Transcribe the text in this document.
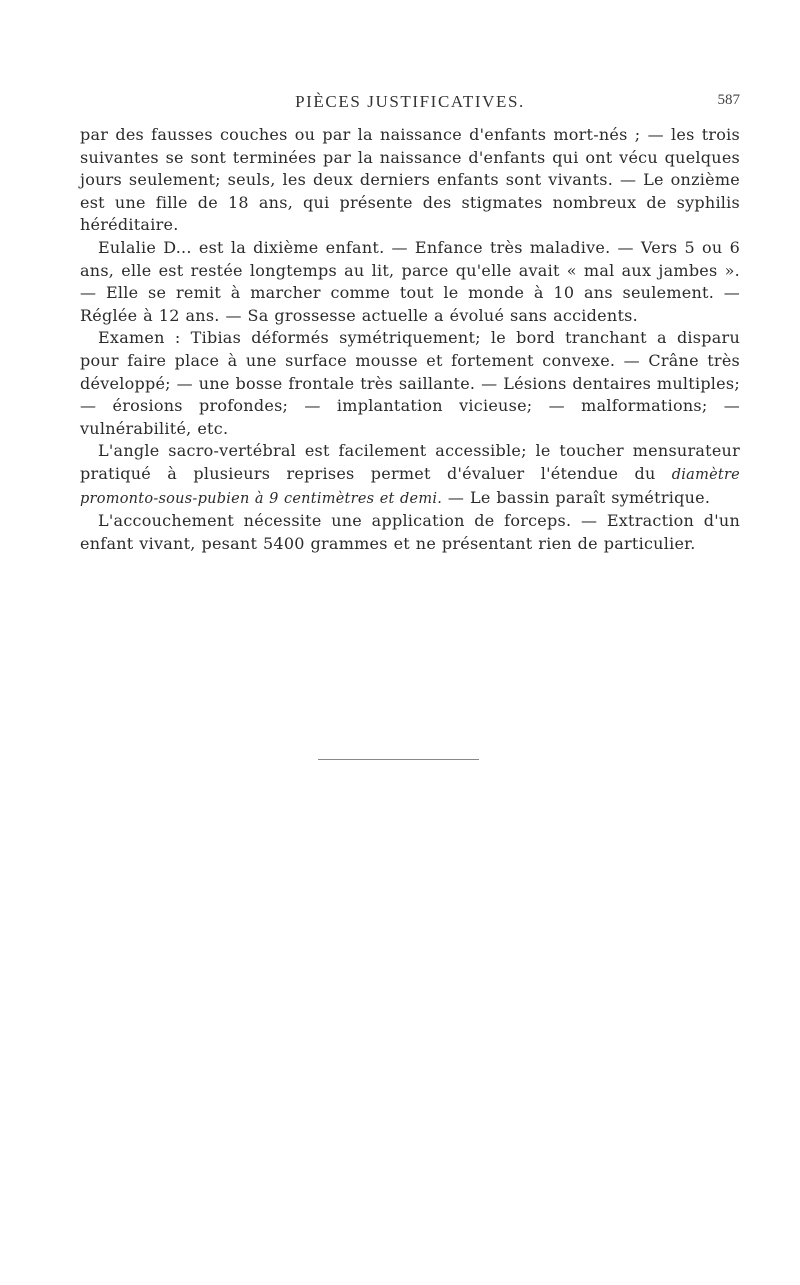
PIÈCES JUSTIFICATIVES.	587

par des fausses couches ou par la naissance d'enfants mort-nés ; — les trois suivantes se sont terminées par la naissance d'enfants qui ont vécu quelques jours seulement; seuls, les deux derniers enfants sont vivants. — Le onzième est une fille de 18 ans, qui présente des stigmates nombreux de syphilis héréditaire.

Eulalie D... est la dixième enfant. — Enfance très maladive. — Vers 5 ou 6 ans, elle est restée longtemps au lit, parce qu'elle avait « mal aux jambes ». — Elle se remit à marcher comme tout le monde à 10 ans seulement. — Réglée à 12 ans. — Sa grossesse actuelle a évolué sans accidents.

Examen : Tibias déformés symétriquement; le bord tranchant a disparu pour faire place à une surface mousse et fortement convexe. — Crâne très développé; — une bosse frontale très saillante. — Lésions dentaires multiples; — érosions profondes; — implantation vicieuse; — malformations; — vulnérabilité, etc.

L'angle sacro-vertébral est facilement accessible; le toucher mensurateur pratiqué à plusieurs reprises permet d'évaluer l'étendue du diamètre promonto-sous-pubien à 9 centimètres et demi. — Le bassin paraît symétrique.

L'accouchement nécessite une application de forceps. — Extraction d'un enfant vivant, pesant 5400 grammes et ne présentant rien de particulier.
